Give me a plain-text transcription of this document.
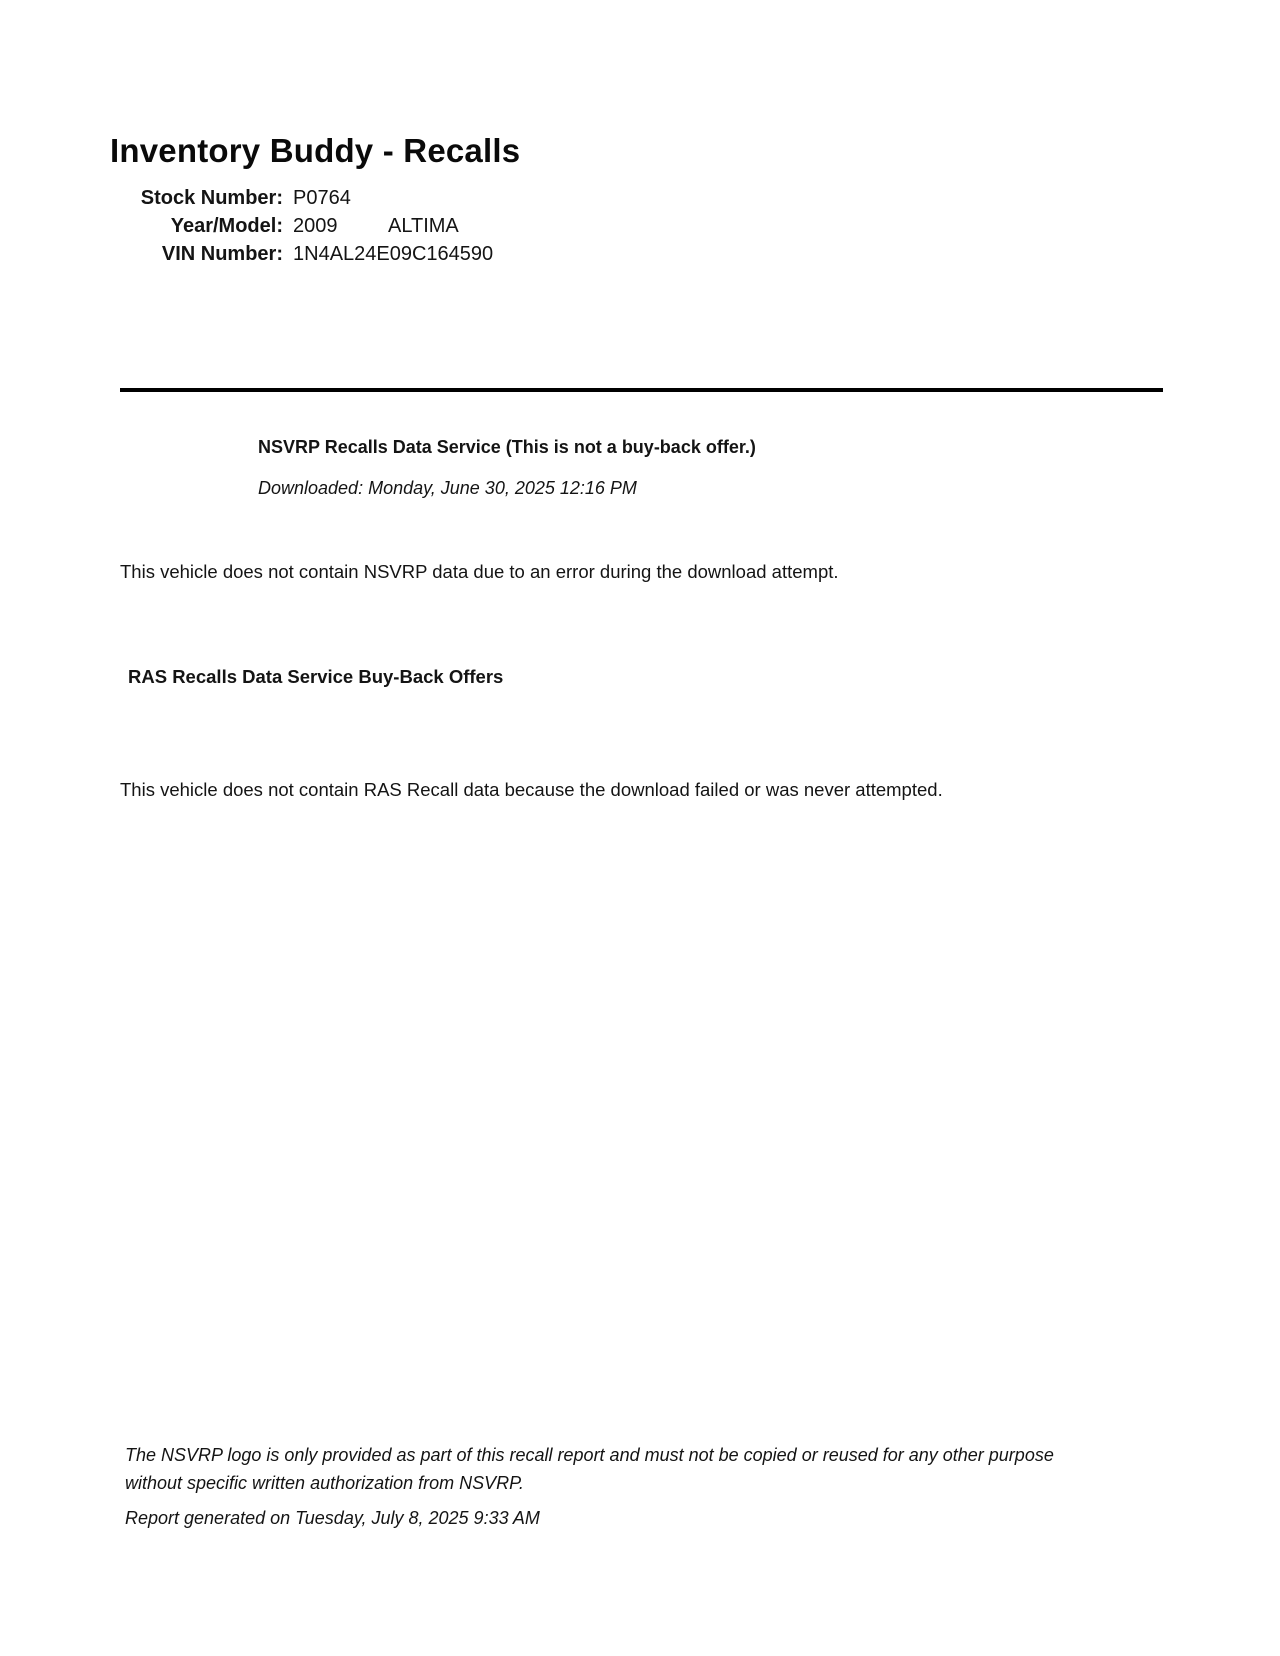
Inventory Buddy - Recalls
Stock Number: P0764
Year/Model: 2009	ALTIMA
VIN Number: 1N4AL24E09C164590
NSVRP Recalls Data Service (This is not a buy-back offer.)
Downloaded: Monday, June 30, 2025 12:16 PM
This vehicle does not contain NSVRP data due to an error during the download attempt.
RAS Recalls Data Service Buy-Back Offers
This vehicle does not contain RAS Recall data because the download failed or was never attempted.
The NSVRP logo is only provided as part of this recall report and must not be copied or reused for any other purpose without specific written authorization from NSVRP.
Report generated on Tuesday, July 8, 2025 9:33 AM
